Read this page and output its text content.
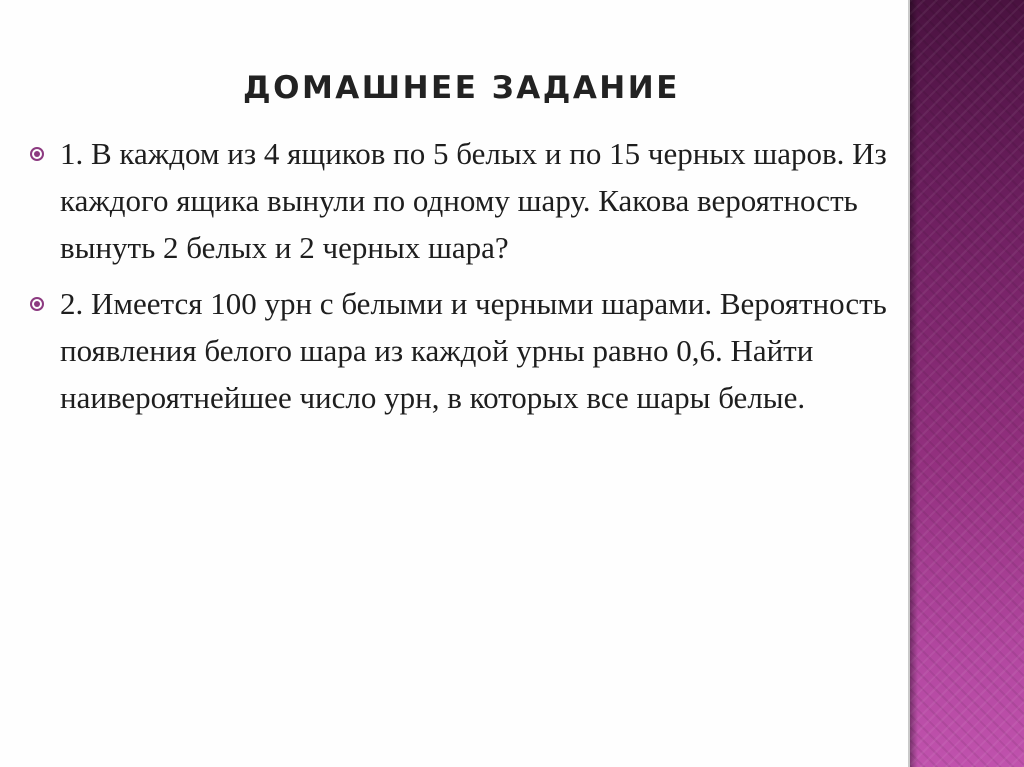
ДОМАШНЕЕ ЗАДАНИЕ
1. В каждом из 4 ящиков по 5 белых и по 15 черных шаров. Из каждого ящика вынули по одному шару. Какова вероятность вынуть 2 белых и 2 черных шара?
2. Имеется 100 урн с белыми и черными шарами. Вероятность появления белого шара из каждой урны равно 0,6. Найти наивероятнейшее число урн, в которых все шары белые.
